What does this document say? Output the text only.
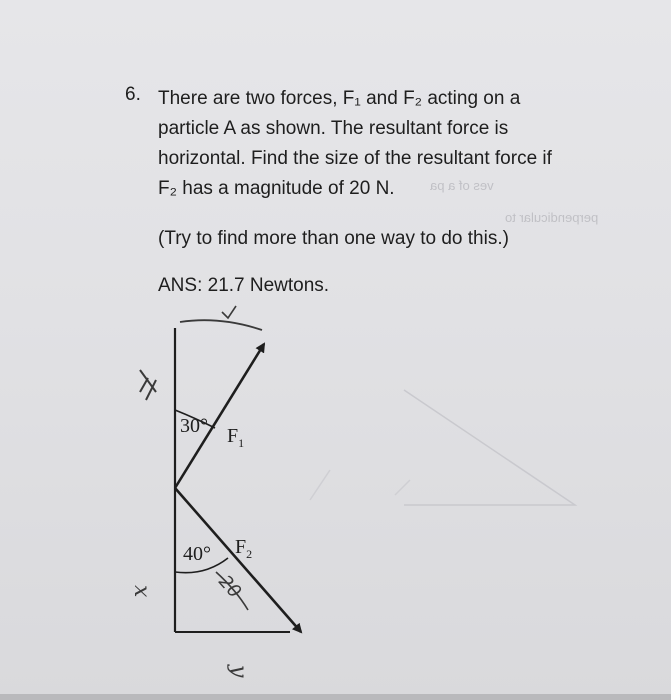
ves of a pa
perpendicular to
6. There are two forces, F₁ and F₂ acting on a
particle A as shown. The resultant force is
horizontal. Find the size of the resultant force if
F₂ has a magnitude of 20 N.
(Try to find more than one way to do this.)
ANS: 21.7 Newtons.
30° $F_1$
40° $F_2$
20
x
y
